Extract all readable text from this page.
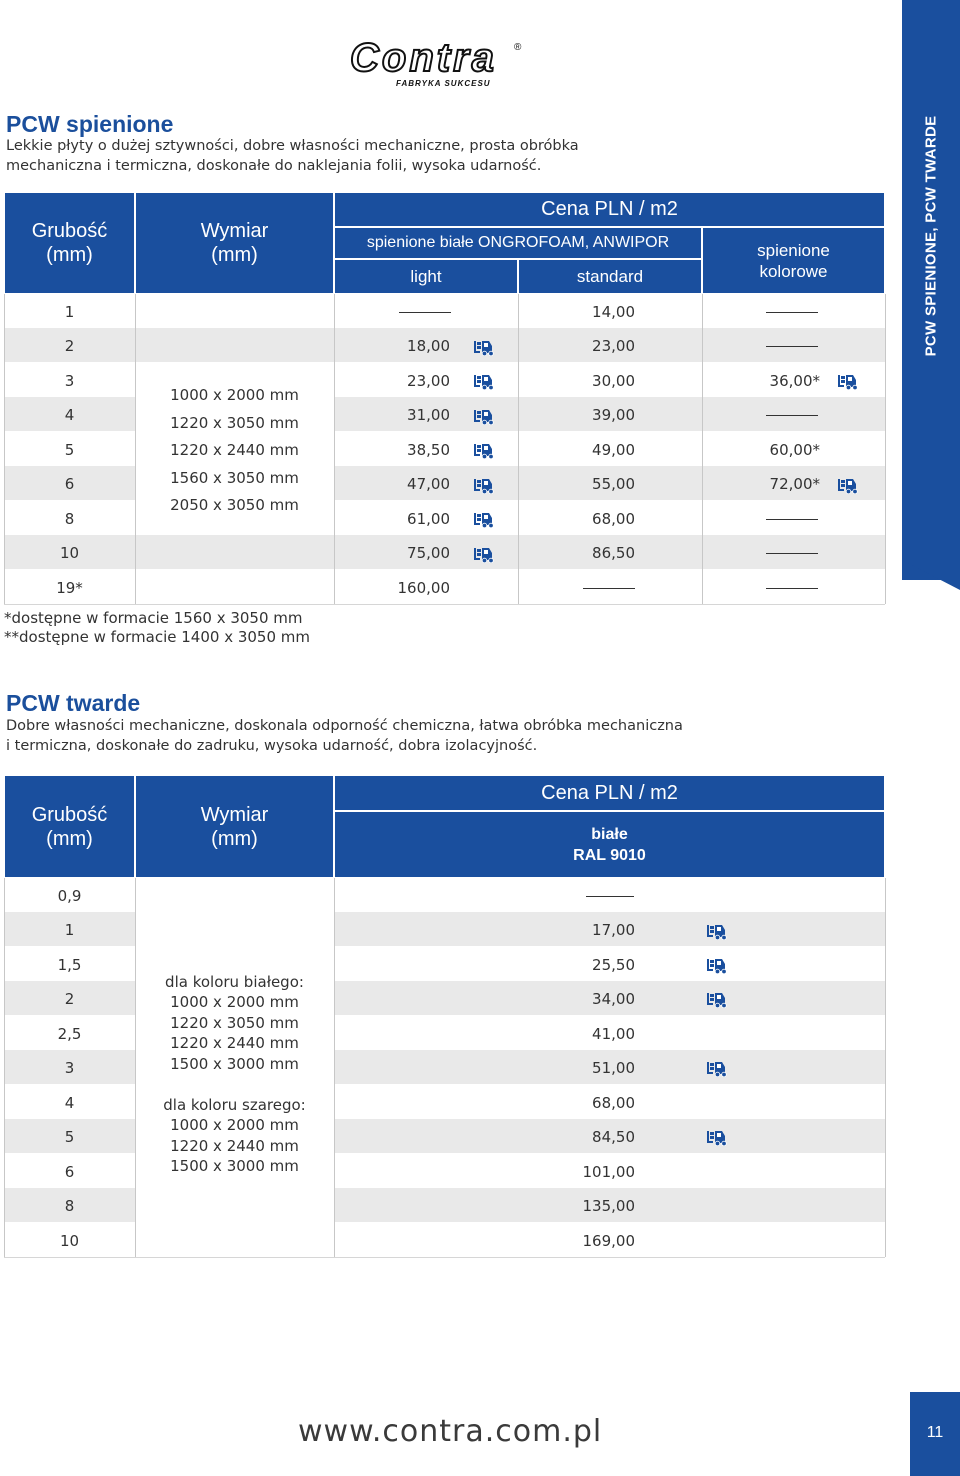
Contra
FABRYKA SUKCESU
®
PCW SPIENIONE, PCW TWARDE
PCW spienione
Lekkie płyty o dużej sztywności, dobre własności mechaniczne, prosta obróbka
mechaniczna i termiczna, doskonałe do naklejania folii, wysoka udarność.
Grubość
(mm)
Wymiar
(mm)
Cena PLN / m2
spienione białe ONGROFOAM, ANWIPOR
light	standard
spienione
kolorowe
1
2
3
4
5
6
8
10
19*
1000 x 2000 mm
1220 x 3050 mm
1220 x 2440 mm
1560 x 3050 mm
2050 x 3050 mm
18,00
23,00
31,00
38,50
47,00
61,00
75,00
160,00
14,00
23,00
30,00
39,00
49,00
55,00
68,00
86,50
36,00*
60,00*
72,00*
*dostępne w formacie 1560 x 3050 mm
**dostępne w formacie 1400 x 3050 mm
PCW twarde
Dobre własności mechaniczne, doskonala odporność chemiczna, łatwa obróbka mechaniczna
i termiczna, doskonałe do zadruku, wysoka udarność, dobra izolacyjność.
Grubość
(mm)
Wymiar
(mm)
Cena PLN / m2
białe
RAL 9010
0,9
1
1,5
2
2,5
3
4
5
6
8
10
dla koloru białego:
1000 x 2000 mm
1220 x 3050 mm
1220 x 2440 mm
1500 x 3000 mm
dla koloru szarego:
1000 x 2000 mm
1220 x 2440 mm
1500 x 3000 mm
17,00
25,50
34,00
41,00
51,00
68,00
84,50
101,00
135,00
169,00
www.contra.com.pl	11
